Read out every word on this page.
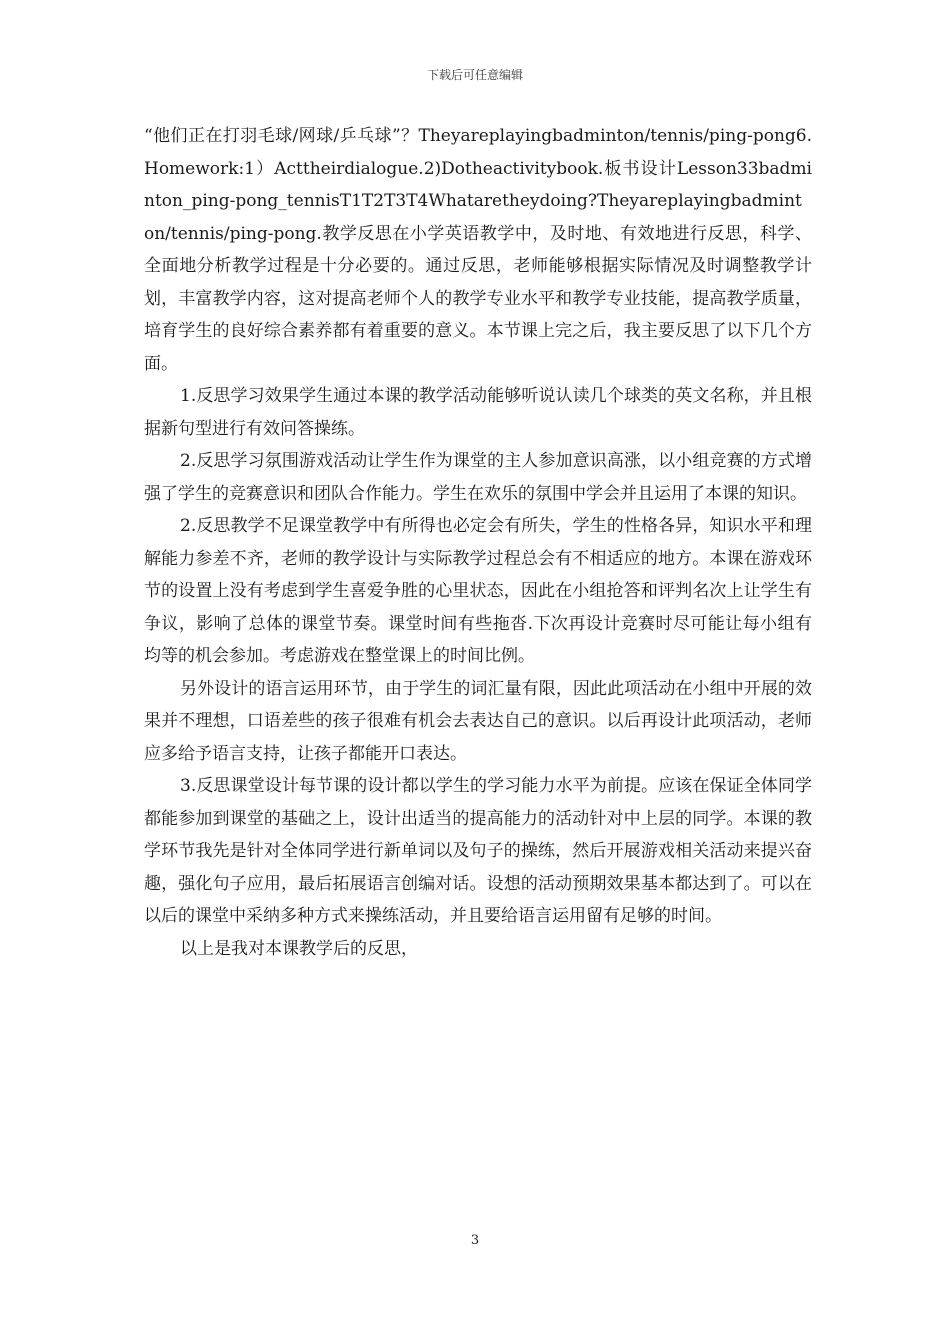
下载后可任意编辑

“他们正在打羽毛球/网球/乒乓球”？Theyareplayingbadminton/tennis/ping-pong6.Homework:1）Acttheirdialogue.2)Dotheactivitybook.板书设计Lesson33badminton_ping-pong_tennisT1T2T3T4Whataretheydoing?Theyareplayingbadminton/tennis/ping-pong.教学反思在小学英语教学中，及时地、有效地进行反思，科学、全面地分析教学过程是十分必要的。通过反思，老师能够根据实际情况及时调整教学计划，丰富教学内容，这对提高老师个人的教学专业水平和教学专业技能，提高教学质量，培育学生的良好综合素养都有着重要的意义。本节课上完之后，我主要反思了以下几个方面。

1.反思学习效果学生通过本课的教学活动能够听说认读几个球类的英文名称，并且根据新句型进行有效问答操练。

2.反思学习氛围游戏活动让学生作为课堂的主人参加意识高涨，以小组竞赛的方式增强了学生的竞赛意识和团队合作能力。学生在欢乐的氛围中学会并且运用了本课的知识。

2.反思教学不足课堂教学中有所得也必定会有所失，学生的性格各异，知识水平和理解能力参差不齐，老师的教学设计与实际教学过程总会有不相适应的地方。本课在游戏环节的设置上没有考虑到学生喜爱争胜的心里状态，因此在小组抢答和评判名次上让学生有争议，影响了总体的课堂节奏。课堂时间有些拖沓.下次再设计竞赛时尽可能让每小组有均等的机会参加。考虑游戏在整堂课上的时间比例。

另外设计的语言运用环节，由于学生的词汇量有限，因此此项活动在小组中开展的效果并不理想，口语差些的孩子很难有机会去表达自己的意识。以后再设计此项活动，老师应多给予语言支持，让孩子都能开口表达。

3.反思课堂设计每节课的设计都以学生的学习能力水平为前提。应该在保证全体同学都能参加到课堂的基础之上，设计出适当的提高能力的活动针对中上层的同学。本课的教学环节我先是针对全体同学进行新单词以及句子的操练，然后开展游戏相关活动来提兴奋趣，强化句子应用，最后拓展语言创编对话。设想的活动预期效果基本都达到了。可以在以后的课堂中采纳多种方式来操练活动，并且要给语言运用留有足够的时间。

以上是我对本课教学后的反思，

3
